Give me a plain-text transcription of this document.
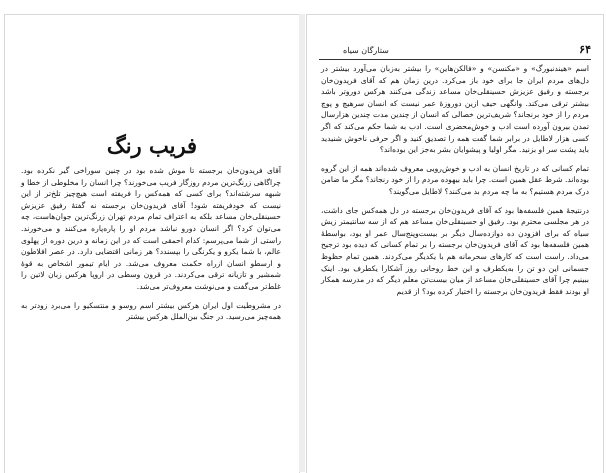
فریب رنگ

آقای فریدون‌خان برجسته تا موش شده بود در چنین سوراخی گیر نکرده بود. چراگاهی زرنگ‌ترین مردم روزگار فریب می‌خورند؟ چرا انسان را مخلوطی از خطا و شبهه سرشته‌اند؟ برای کسی که همه‌کس را فریفته است هیچ‌چیز تلخ‌تر از این نیست که خودفریفته شود! آقای فریدون‌خان برجسته نه گفتهٔ رفیق عزیزش حسینقلی‌خان مساعد بلکه به اعتراف تمام مردم تهران زرنگ‌ترین جوان‌هاست، چه می‌توان کرد؟ اگر انسان دورو نباشد مردم او را پاره‌پاره می‌کنند و می‌خورند. راستی از شما می‌پرسم: کدام احمقی است که در این زمانه و درین دوره از پهلوی عالم، با شما یکرو و یکرنگی را بپسندد؟ هر زمانی اقتضایی دارد. در عصر افلاطون و ارسطو انسان ازراه حکمت معروف می‌شد. در ایام تیمور اشخاص به قوهٔ شمشیر و تازیانه ترقی می‌کردند. در قرون وسطی در اروپا هرکس زبان لاتین را غلط‌تر می‌گفت و می‌نوشت معروف‌تر می‌شد.

در مشروطیت اول ایران هرکس بیشتر اسم روسو و منتسکیو را می‌برد زودتر به همه‌چیز می‌رسید. در جنگ بین‌الملل هرکس بیشتر

۶۴
ستارگان سیاه

اسم «هیندنبورگ» و «مکنسن» و «فالکن‌هاین» را بیشتر به‌زبان می‌آورد بیشتر در دل‌های مردم ایران جا برای خود باز می‌کرد. درین زمان هم که آقای فریدون‌خان برجسته و رفیق عزیزش حسینقلی‌خان مساعد زندگی می‌کنند هرکس دوروتر باشد بیشتر ترقی می‌کند. وانگهی حیف ازین دوروزهٔ عمر نیست که انسان سرهیچ و پوچ مردم را از خود برنجاند؟ شریف‌ترین خصالی که انسان از چندین مدت چندین هزارسال تمدن بیرون آورده است ادب و خوش‌محضری است. ادب به شما حکم می‌کند که اگر کسی هزار لاطایل در برابر شما گفت همه را تصدیق کنید و اگر حرفی ناخوش شنیدید باید پشت سر او بزنید. مگر اولیا و پیشوایان بشر به‌جز این بوده‌اند؟

تمام کسانی که در تاریخ انسان به ادب و خوش‌رویی معروف شده‌اند همه از این گروه بوده‌اند. شرط عقل همین است. چرا باید بیهوده مردم را از خود رنجاند؟ مگر ما ضامن درک مردم هستیم؟ به ما چه مردم بد می‌کنند؟ لاطایل می‌گویند؟

درنتیجهٔ همین فلسفه‌ها بود که آقای فریدون‌خان برجسته در دل همه‌کس جای داشت، در هر مجلسی محترم بود. رفیق او حسینقلی‌خان مساعد هم که از سه سانتیمتر زیش سیاه که برای افزودن ده دوازده‌سال دیگر بر بیست‌وپنج‌سال عمر او بود، بواسطهٔ همین فلسفه‌ها بود که آقای فریدون‌خان برجسته را بر تمام کسانی که دیده بود ترجیح می‌داد. راست است که کارهای سحرمانه هم با یکدیگر می‌کردند. همین تمام حظوظ جسمانی این دو تن را به‌یکطرف و این خط روحانی روز آشکارا یکطرف بود. اینک ببینیم چرا آقای حسینقلی‌خان مساعد از میان بیست‌تن معلم دیگر که در مدرسه همکار او بودند فقط فریدون‌خان برجسته را اختیار کرده بود؟ از قدیم
